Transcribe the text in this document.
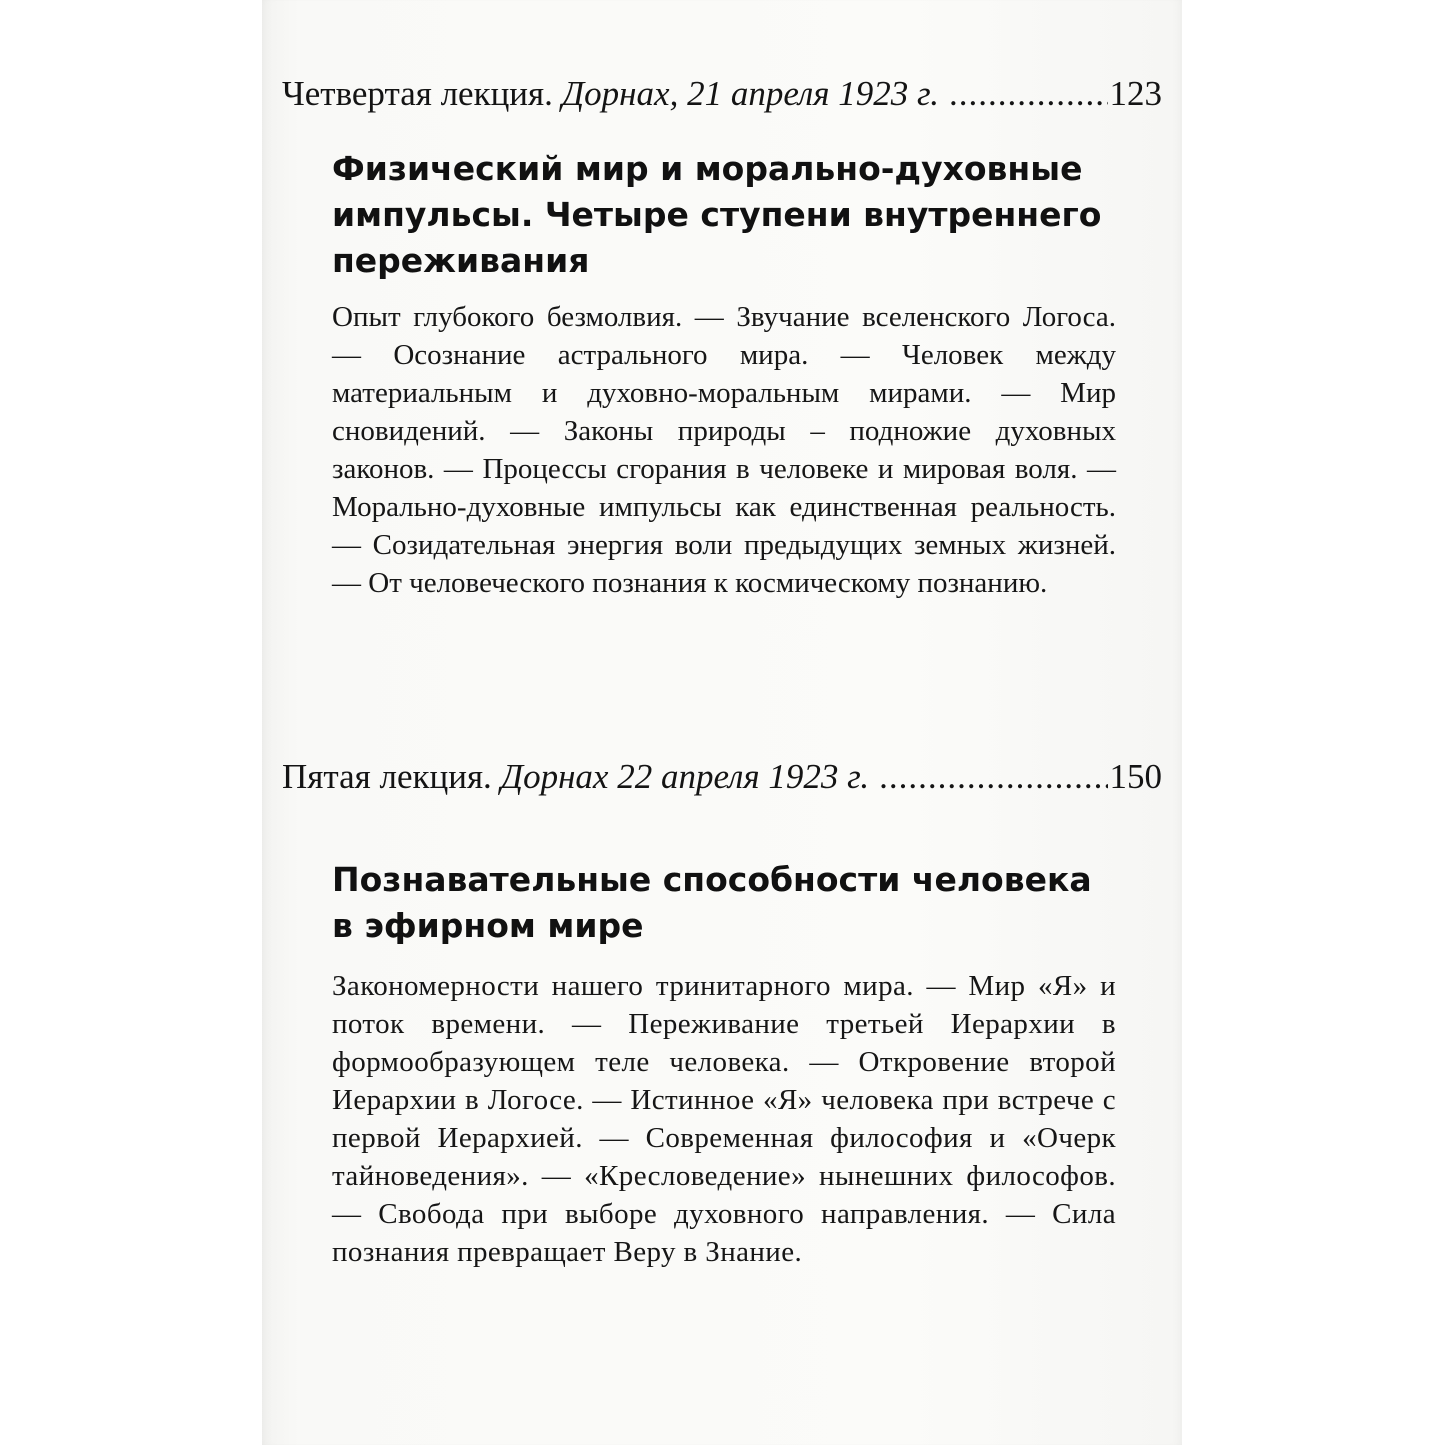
Четвертая лекция. Дорнах, 21 апреля 1923 г. .....	123
Физический мир и морально-духовные импульсы. Четыре ступени внутреннего переживания

Опыт глубокого безмолвия. — Звучание вселенского Логоса. — Осознание астрального мира. — Человек между материальным и духовно-моральным мирами. — Мир сновидений. — Законы природы – подножие духовных законов. — Процессы сгорания в человеке и мировая воля. — Морально-духовные импульсы как единственная реальность. — Созидательная энергия воли предыдущих земных жизней. — От человеческого познания к космическому познанию.

Пятая лекция. Дорнах 22 апреля 1923 г. .....	150
Познавательные способности человека в эфирном мире

Закономерности нашего тринитарного мира. — Мир «Я» и поток времени. — Переживание третьей Иерархии в формообразующем теле человека. — Откровение второй Иерархии в Логосе. — Истинное «Я» человека при встрече с первой Иерархией. — Современная философия и «Очерк тайноведения». — «Кресловедение» нынешних философов. — Свобода при выборе духовного направления. — Сила познания превращает Веру в Знание.
